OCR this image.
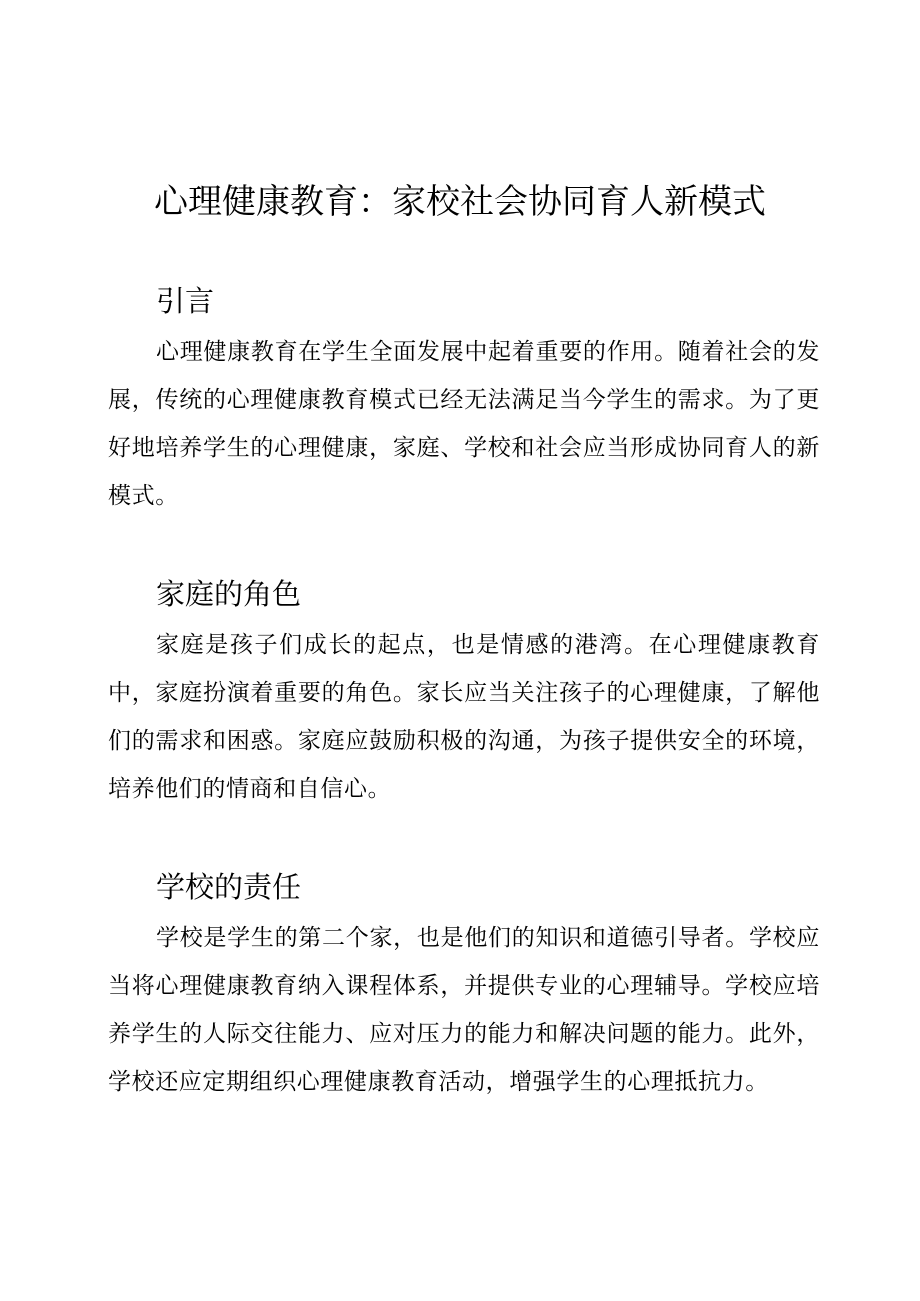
心理健康教育：家校社会协同育人新模式
引言

心理健康教育在学生全面发展中起着重要的作用。随着社会的发展，传统的心理健康教育模式已经无法满足当今学生的需求。为了更好地培养学生的心理健康，家庭、学校和社会应当形成协同育人的新模式。

家庭的角色

家庭是孩子们成长的起点，也是情感的港湾。在心理健康教育中，家庭扮演着重要的角色。家长应当关注孩子的心理健康，了解他们的需求和困惑。家庭应鼓励积极的沟通，为孩子提供安全的环境，培养他们的情商和自信心。

学校的责任

学校是学生的第二个家，也是他们的知识和道德引导者。学校应当将心理健康教育纳入课程体系，并提供专业的心理辅导。学校应培养学生的人际交往能力、应对压力的能力和解决问题的能力。此外，学校还应定期组织心理健康教育活动，增强学生的心理抵抗力。
